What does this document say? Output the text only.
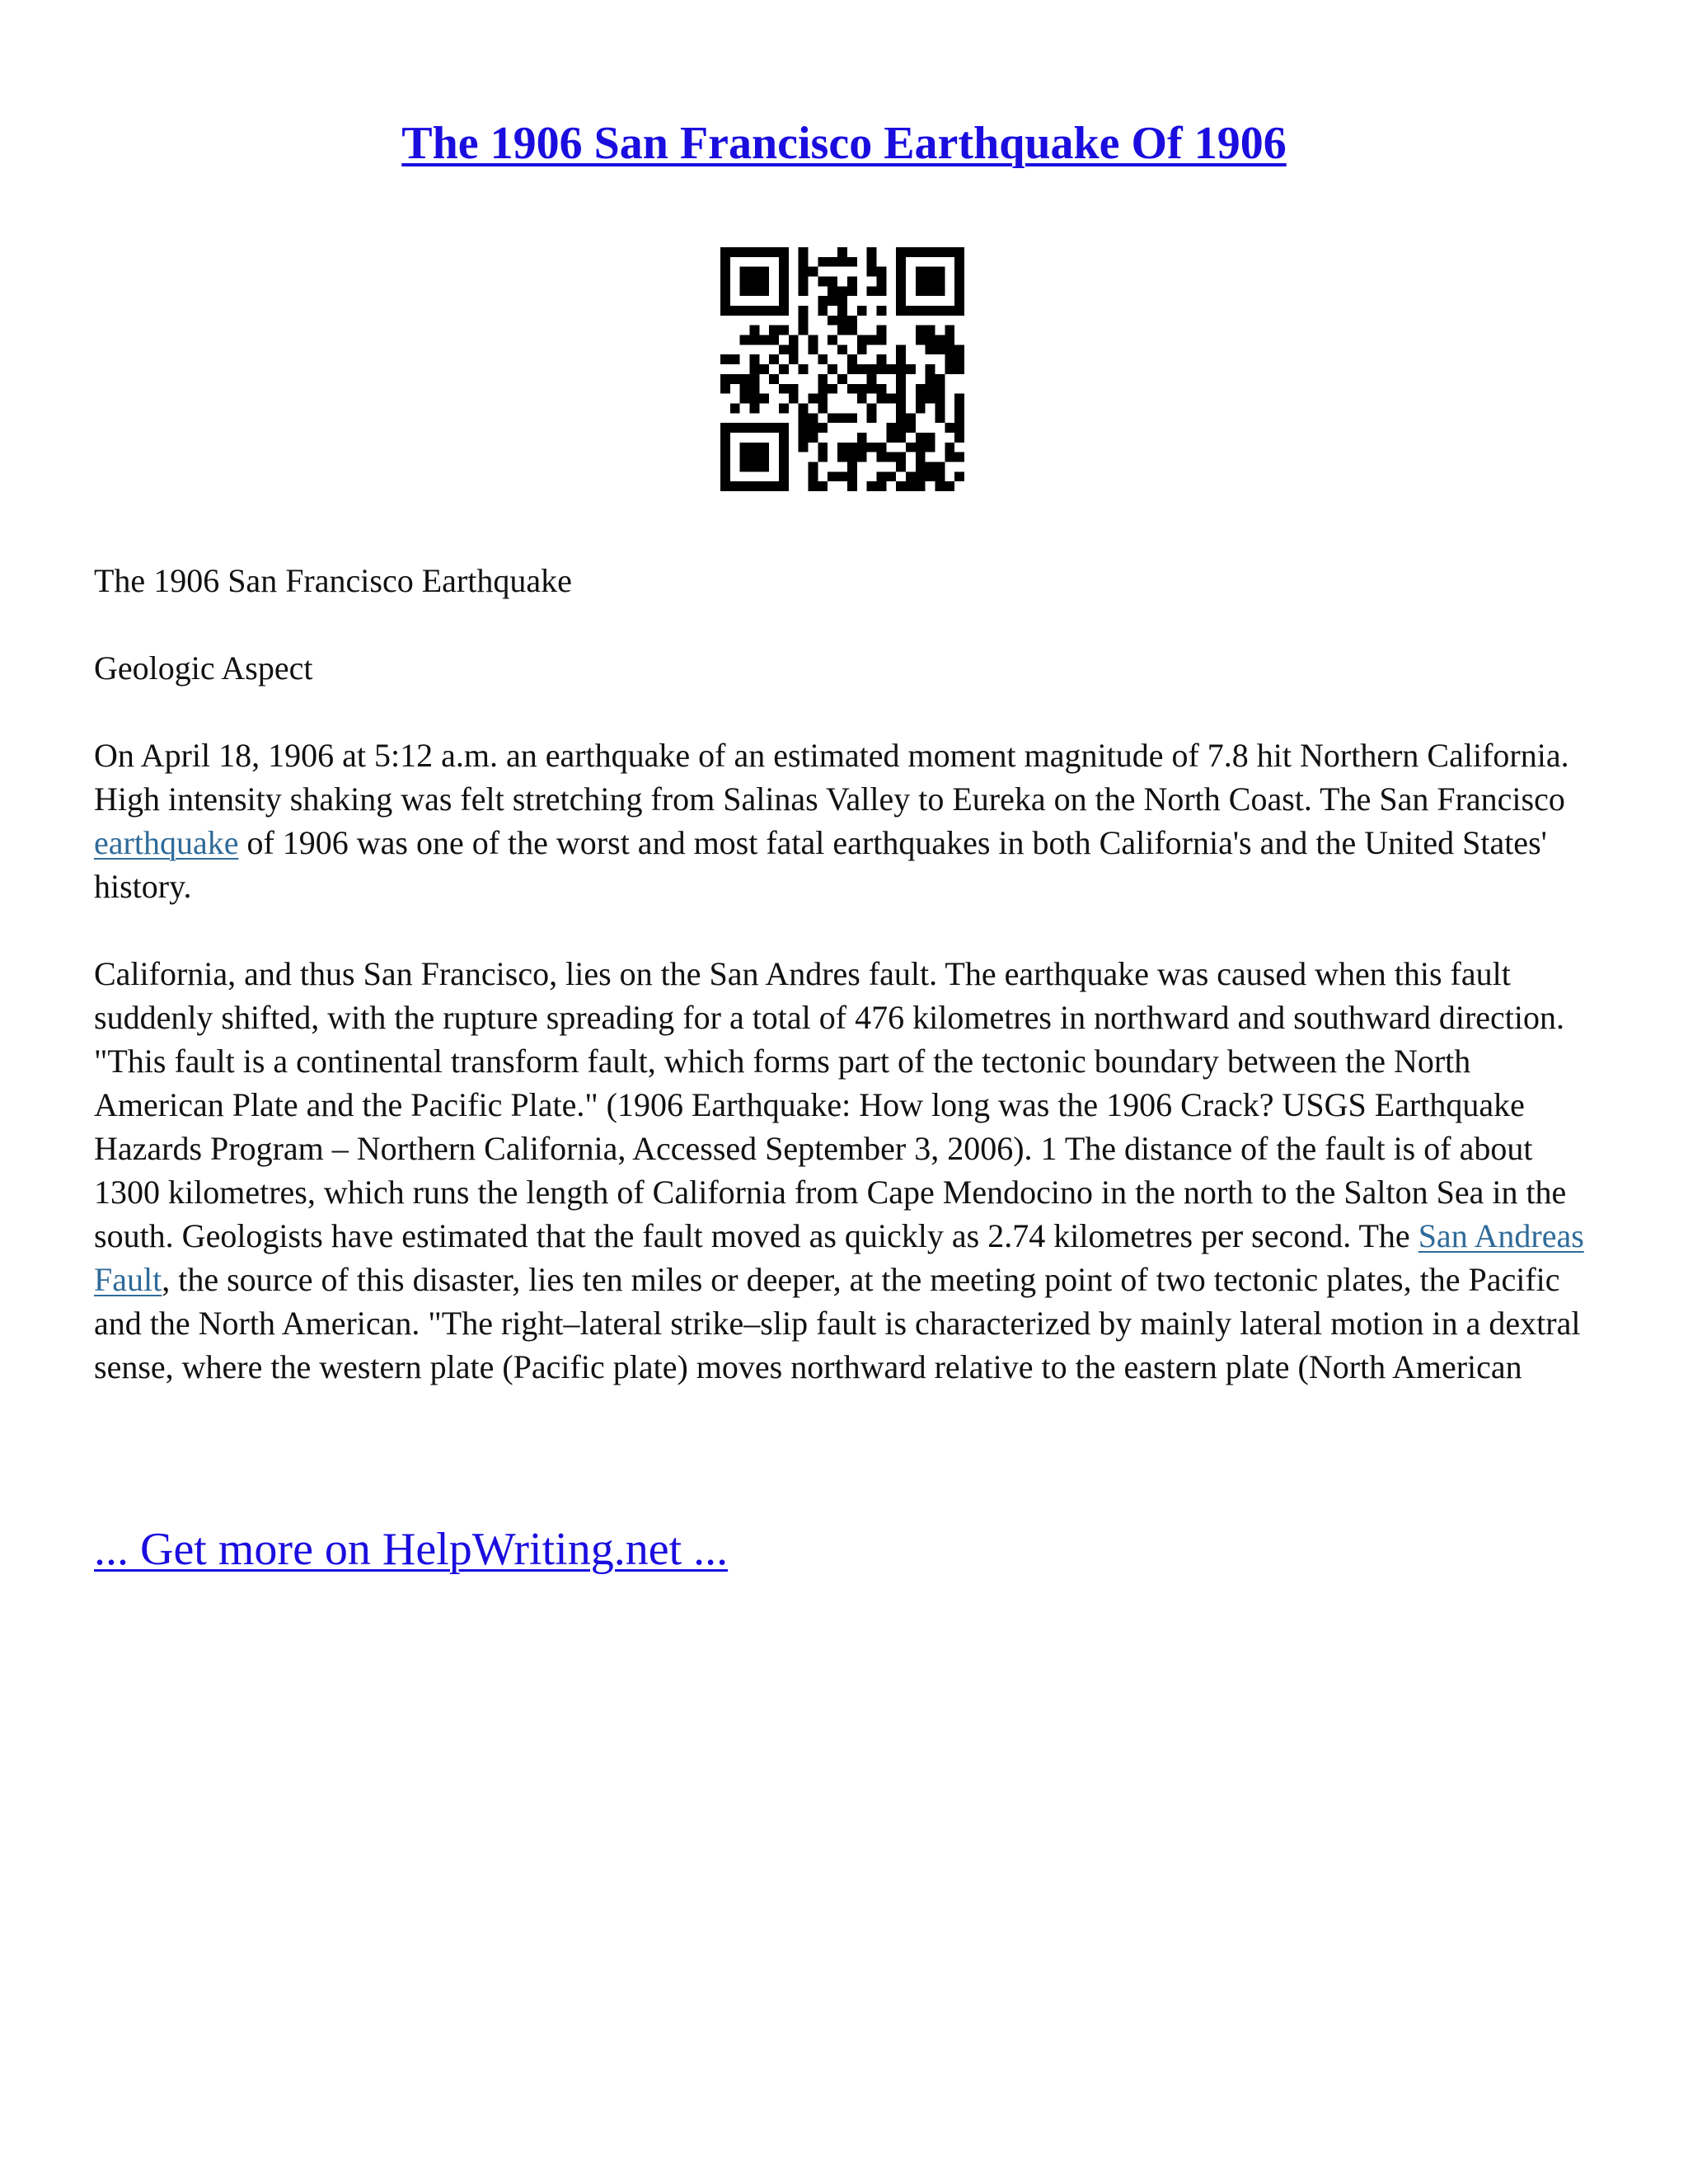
The 1906 San Francisco Earthquake Of 1906

The 1906 San Francisco Earthquake

Geologic Aspect

On April 18, 1906 at 5:12 a.m. an earthquake of an estimated moment magnitude of 7.8 hit Northern California. High intensity shaking was felt stretching from Salinas Valley to Eureka on the North Coast. The San Francisco earthquake of 1906 was one of the worst and most fatal earthquakes in both California's and the United States' history.

California, and thus San Francisco, lies on the San Andres fault. The earthquake was caused when this fault suddenly shifted, with the rupture spreading for a total of 476 kilometres in northward and southward direction. "This fault is a continental transform fault, which forms part of the tectonic boundary between the North American Plate and the Pacific Plate." (1906 Earthquake: How long was the 1906 Crack? USGS Earthquake Hazards Program – Northern California, Accessed September 3, 2006). 1 The distance of the fault is of about 1300 kilometres, which runs the length of California from Cape Mendocino in the north to the Salton Sea in the south. Geologists have estimated that the fault moved as quickly as 2.74 kilometres per second. The San Andreas Fault, the source of this disaster, lies ten miles or deeper, at the meeting point of two tectonic plates, the Pacific and the North American. "The right–lateral strike–slip fault is characterized by mainly lateral motion in a dextral sense, where the western plate (Pacific plate) moves northward relative to the eastern plate (North American

... Get more on HelpWriting.net ...
